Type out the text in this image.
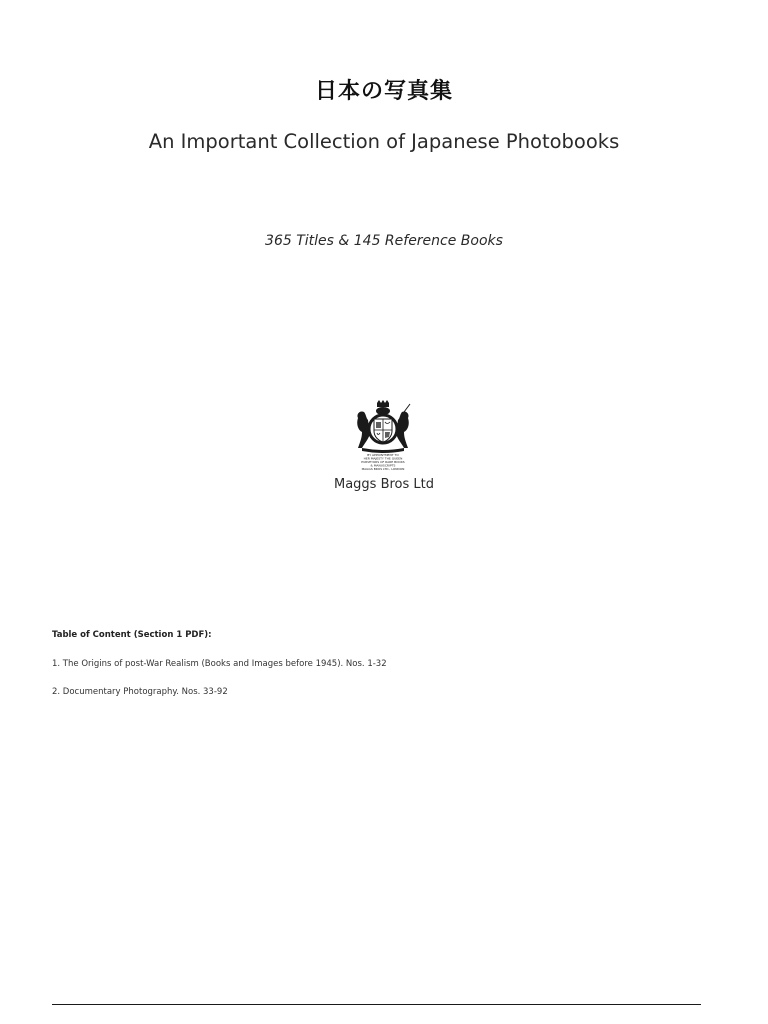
日本の写真集
An Important Collection of Japanese Photobooks
365 Titles & 145 Reference Books
BY APPOINTMENT TO
HER MAJESTY THE QUEEN
PURVEYORS OF RARE BOOKS
& MANUSCRIPTS
MAGGS BROS LTD., LONDON
Maggs Bros Ltd
Table of Content (Section 1 PDF):
1. The Origins of post-War Realism (Books and Images before 1945). Nos. 1-32
2. Documentary Photography. Nos. 33-92
